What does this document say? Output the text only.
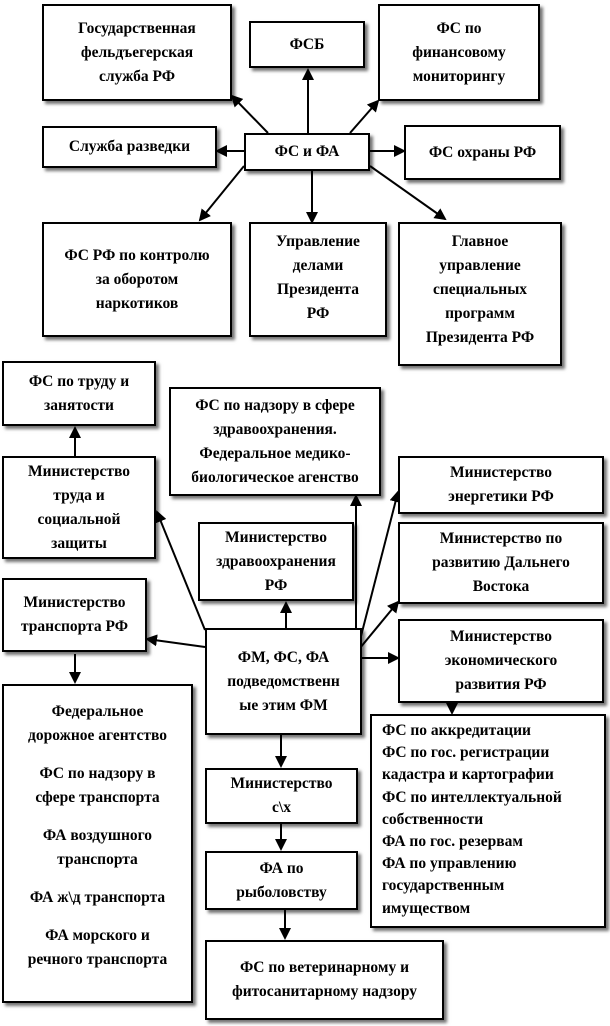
Государственная
фельдъегерская
служба РФ
ФСБ
ФС по
финансовому
мониторингу
Служба разведки	ФС и ФА	ФС охраны РФ
ФС РФ по контролю
за оборотом
наркотиков
Управление
делами
Президента
РФ
Главное
управление
специальных
программ
Президента РФ
ФС по труду и
занятости	ФС по надзору в сфере
здравоохранения.
Федеральное медико-
биологическое агенство
Министерство
труда и
социальной
защиты
Министерство
энергетики РФ
Министерство
здравоохранения
РФ
Министерство по
развитию Дальнего
Востока
Министерство
транспорта РФ
ФМ, ФС, ФА
подведомственн
ые этим ФМ
Министерство
экономического
развития РФ
Федеральное
дорожное агентство
ФС по надзору в
сфере транспорта
ФА воздушного
транспорта
ФА ж\д транспорта
ФА морского и
речного транспорта
ФС по аккредитации
ФС по гос. регистрации
кадастра и картографии
ФС по интеллектуальной
собственности
ФА по гос. резервам
ФА по управлению
государственным
имуществом
Министерство
с\х
ФА по
рыболовству
ФС по ветеринарному и
фитосанитарному надзору
